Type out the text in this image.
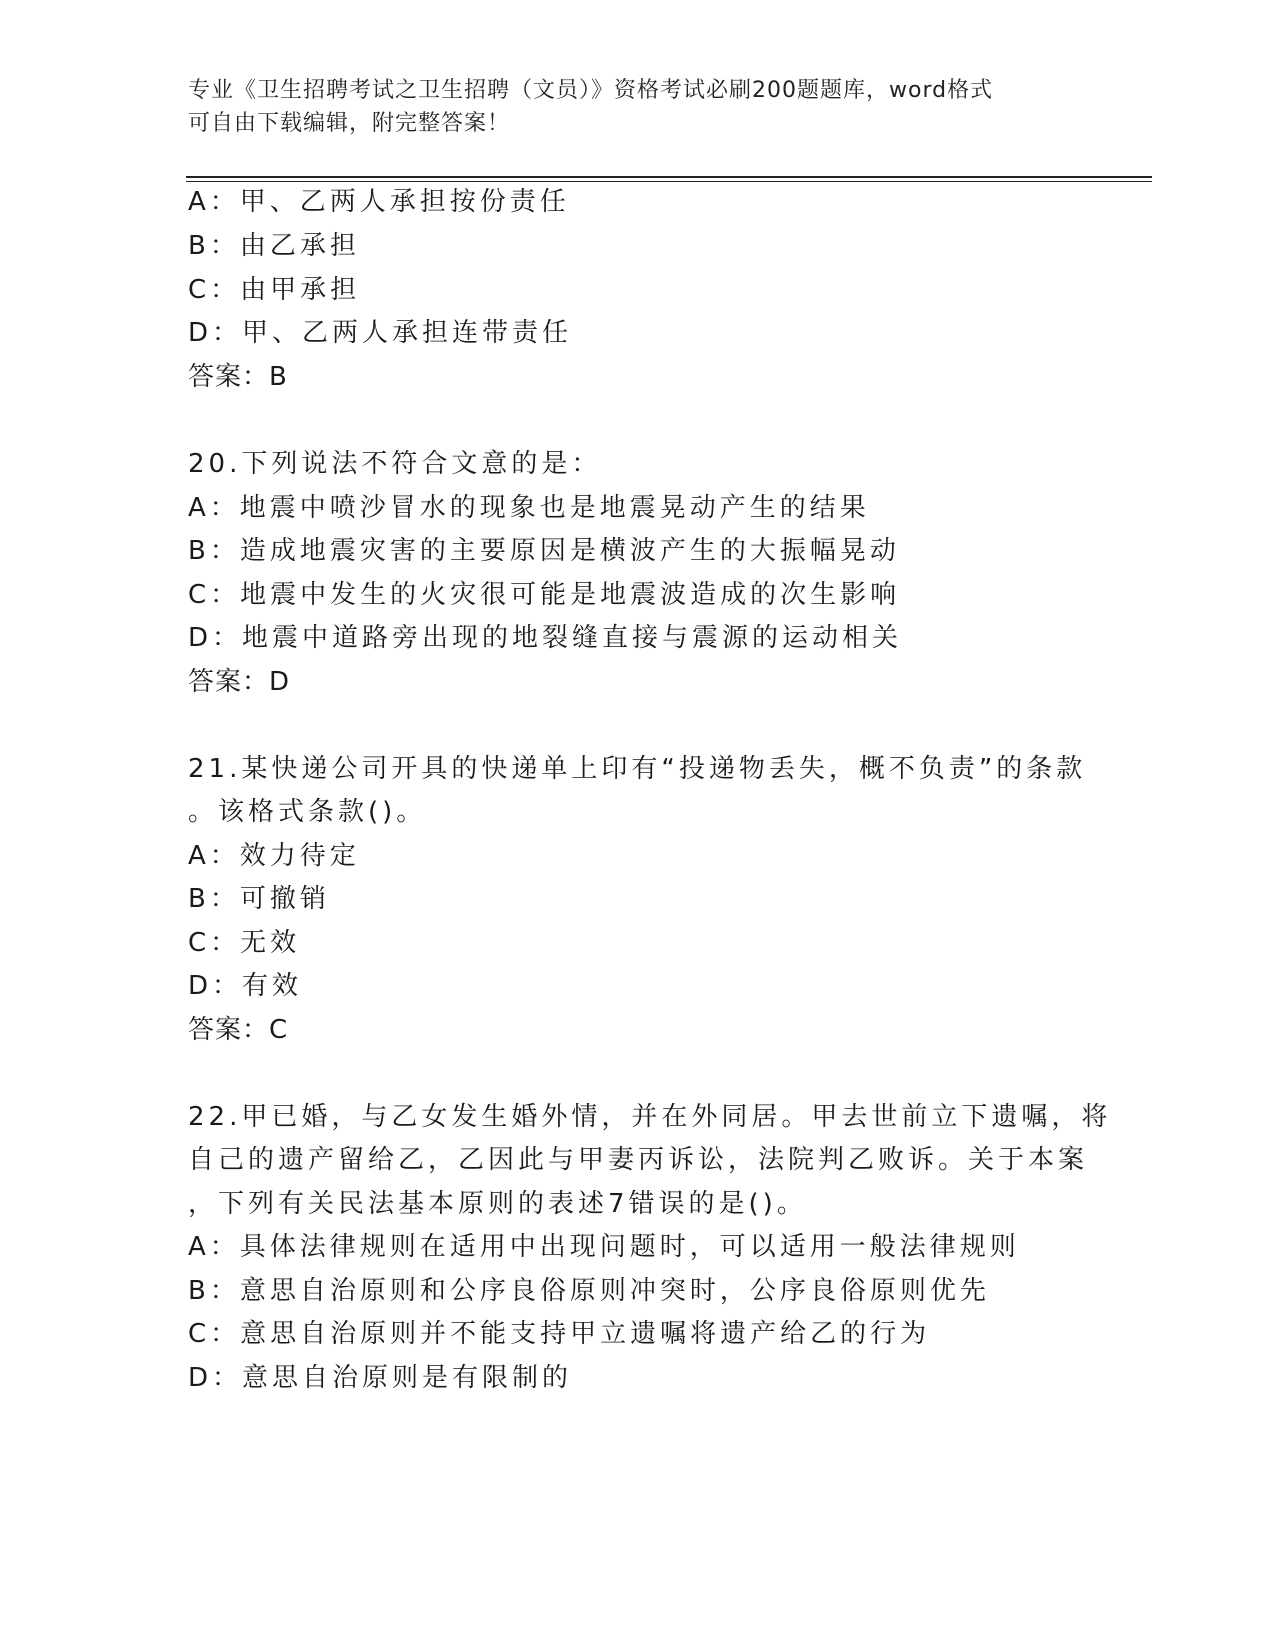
专业《卫生招聘考试之卫生招聘（文员）》资格考试必刷200题题库，word格式
可自由下载编辑，附完整答案！
A：甲、乙两人承担按份责任
B：由乙承担
C：由甲承担
D：甲、乙两人承担连带责任
答案：B
20.下列说法不符合文意的是：
A：地震中喷沙冒水的现象也是地震晃动产生的结果
B：造成地震灾害的主要原因是横波产生的大振幅晃动
C：地震中发生的火灾很可能是地震波造成的次生影响
D：地震中道路旁出现的地裂缝直接与震源的运动相关
答案：D
21.某快递公司开具的快递单上印有“投递物丢失，概不负责”的条款
。该格式条款()。
A：效力待定
B：可撤销
C：无效
D：有效
答案：C
22.甲已婚，与乙女发生婚外情，并在外同居。甲去世前立下遗嘱，将
自己的遗产留给乙，乙因此与甲妻丙诉讼，法院判乙败诉。关于本案
，下列有关民法基本原则的表述7错误的是()。
A：具体法律规则在适用中出现问题时，可以适用一般法律规则
B：意思自治原则和公序良俗原则冲突时，公序良俗原则优先
C：意思自治原则并不能支持甲立遗嘱将遗产给乙的行为
D：意思自治原则是有限制的
